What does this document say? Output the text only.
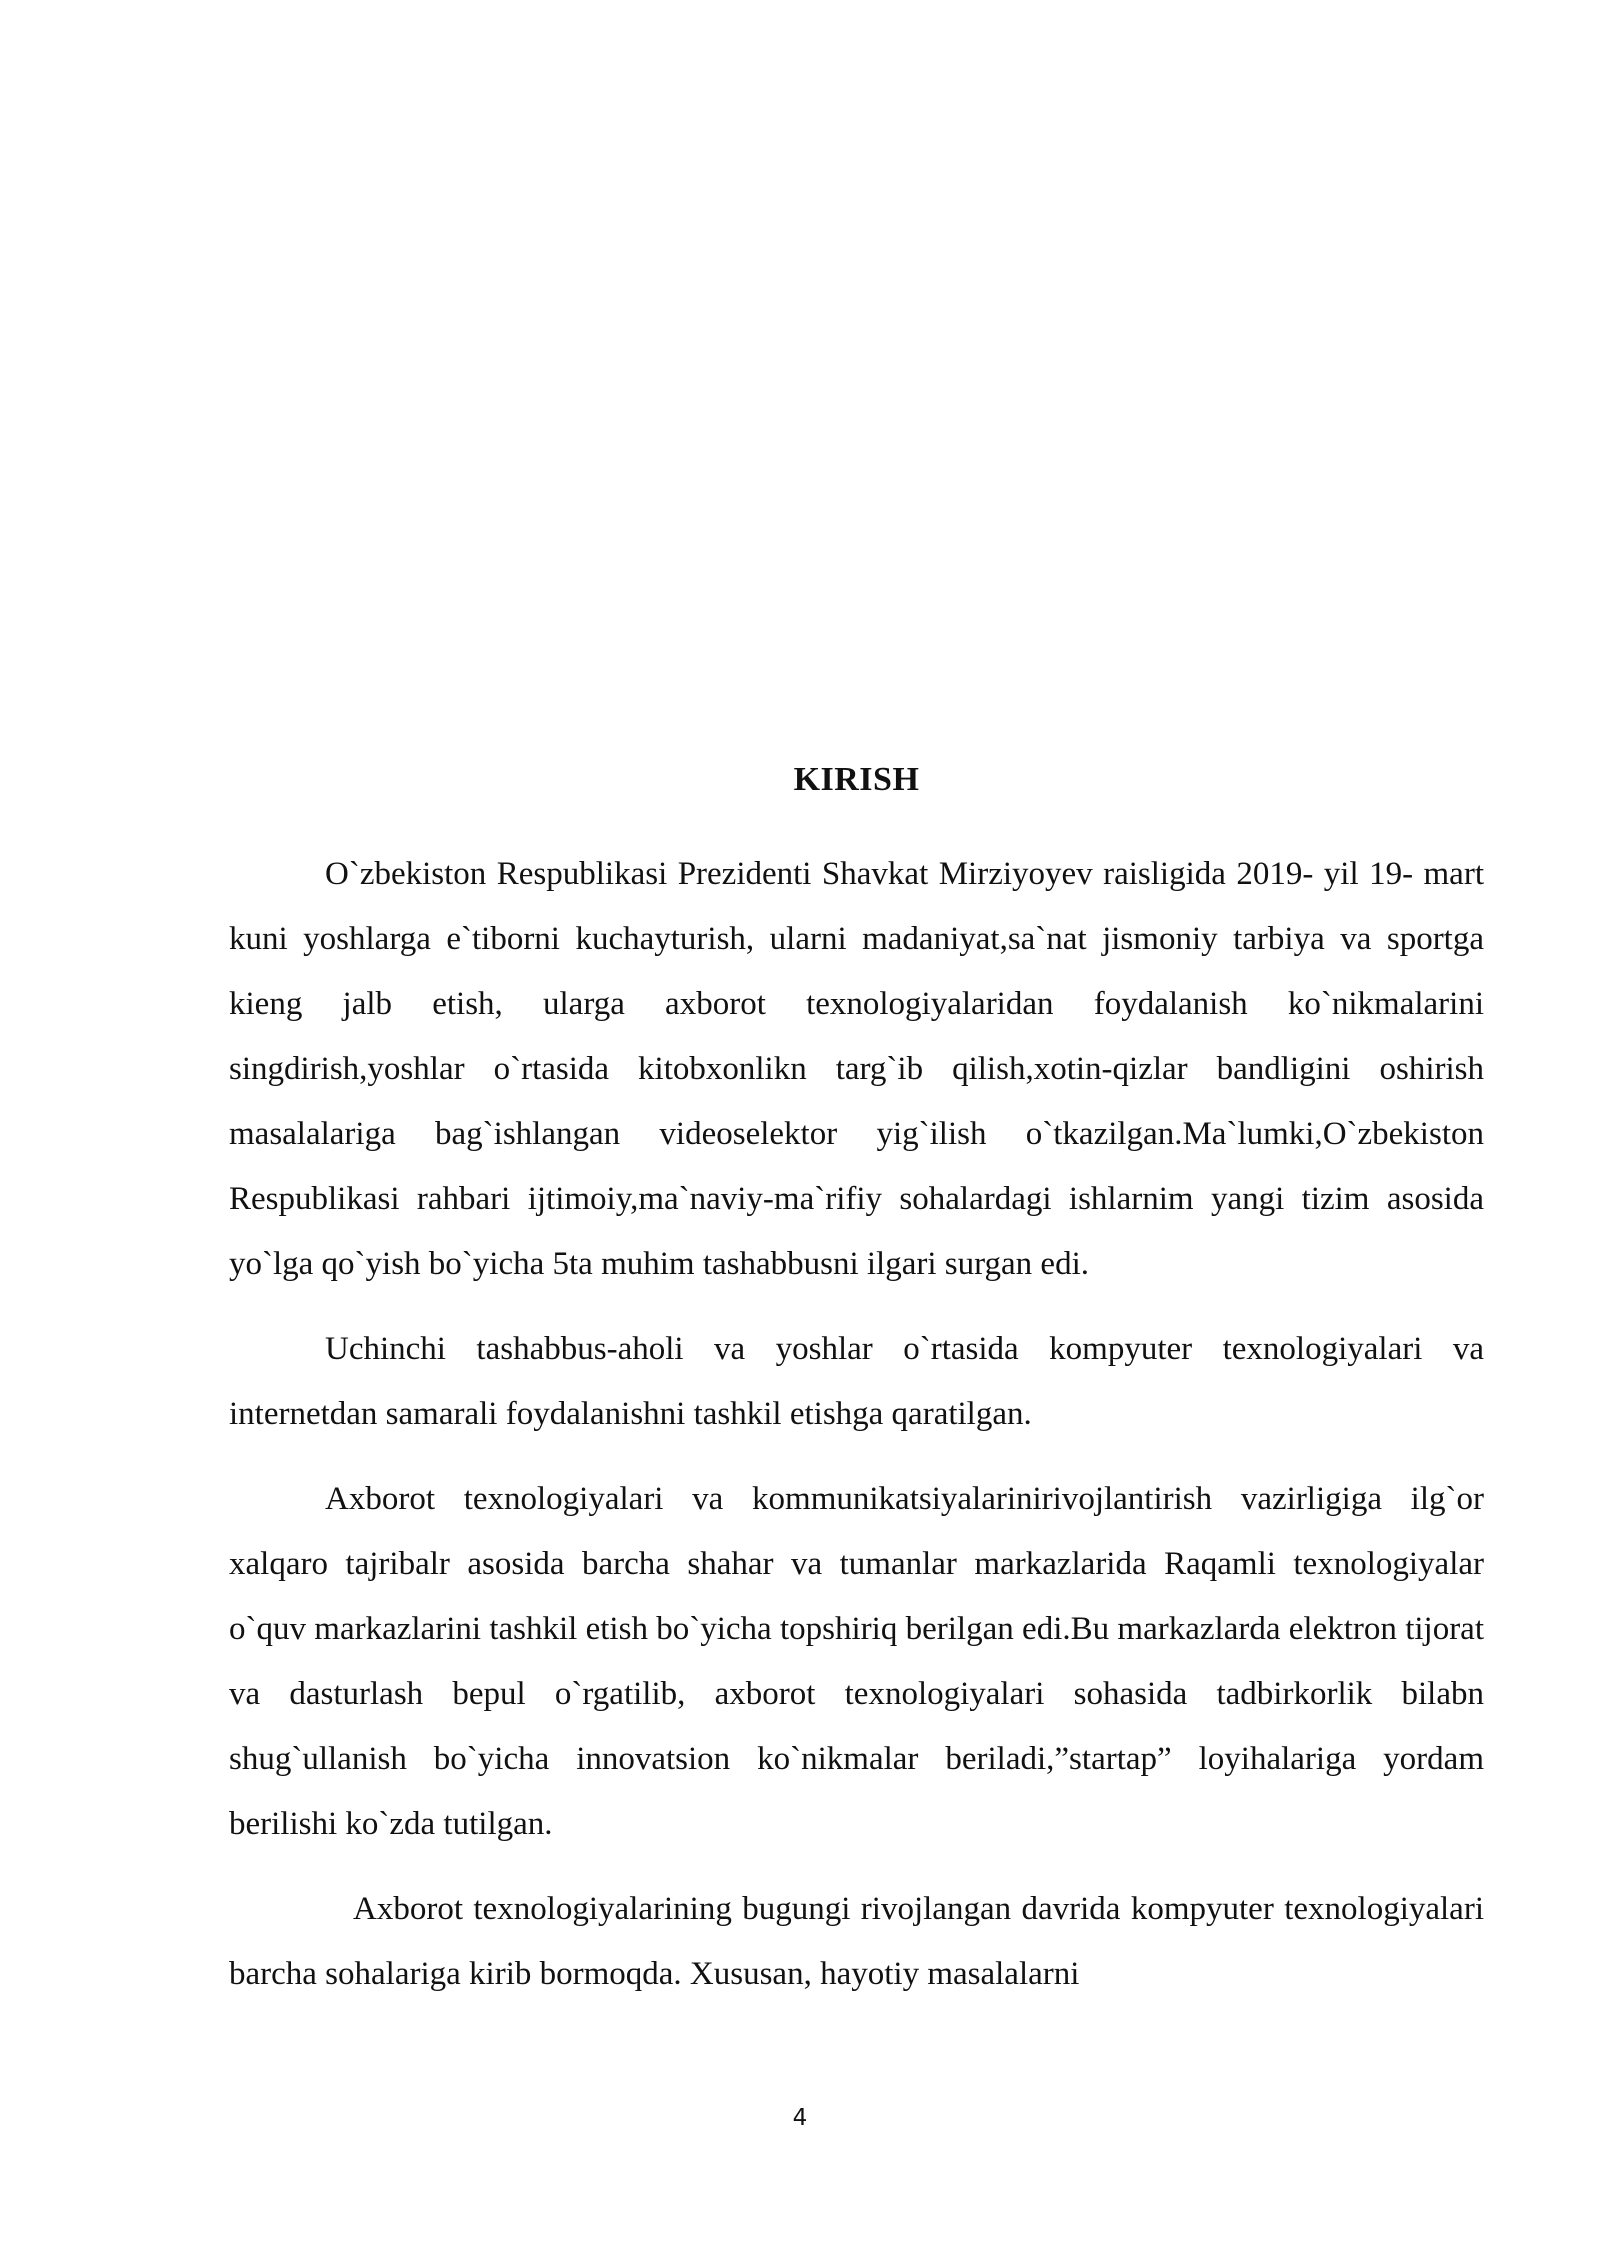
KIRISH

O`zbekiston Respublikasi Prezidenti Shavkat Mirziyoyev raisligida 2019- yil 19- mart kuni yoshlarga e`tiborni kuchayturish, ularni madaniyat,sa`nat jismoniy tarbiya va sportga kieng jalb etish, ularga axborot texnologiyalaridan foydalanish ko`nikmalarini singdirish,yoshlar o`rtasida kitobxonlikn targ`ib qilish,xotin-qizlar bandligini oshirish masalalariga bag`ishlangan videoselektor yig`ilish o`tkazilgan.Ma`lumki,O`zbekiston Respublikasi rahbari ijtimoiy,ma`naviy-ma`rifiy sohalardagi ishlarnim yangi tizim asosida yo`lga qo`yish bo`yicha 5ta muhim tashabbusni ilgari surgan edi.

Uchinchi tashabbus-aholi va yoshlar o`rtasida kompyuter texnologiyalari va internetdan samarali foydalanishni tashkil etishga qaratilgan.

Axborot texnologiyalari va kommunikatsiyalarinirivojlantirish vazirligiga ilg`or xalqaro tajribalr asosida barcha shahar va tumanlar markazlarida Raqamli texnologiyalar o`quv markazlarini tashkil etish bo`yicha topshiriq berilgan edi.Bu markazlarda elektron tijorat va dasturlash bepul o`rgatilib, axborot texnologiyalari sohasida tadbirkorlik bilabn shug`ullanish bo`yicha innovatsion ko`nikmalar beriladi,”startap” loyihalariga yordam berilishi ko`zda tutilgan.

Axborot texnologiyalarining bugungi rivojlangan davrida kompyuter texnologiyalari barcha sohalariga kirib bormoqda. Xususan, hayotiy masalalarni

4
